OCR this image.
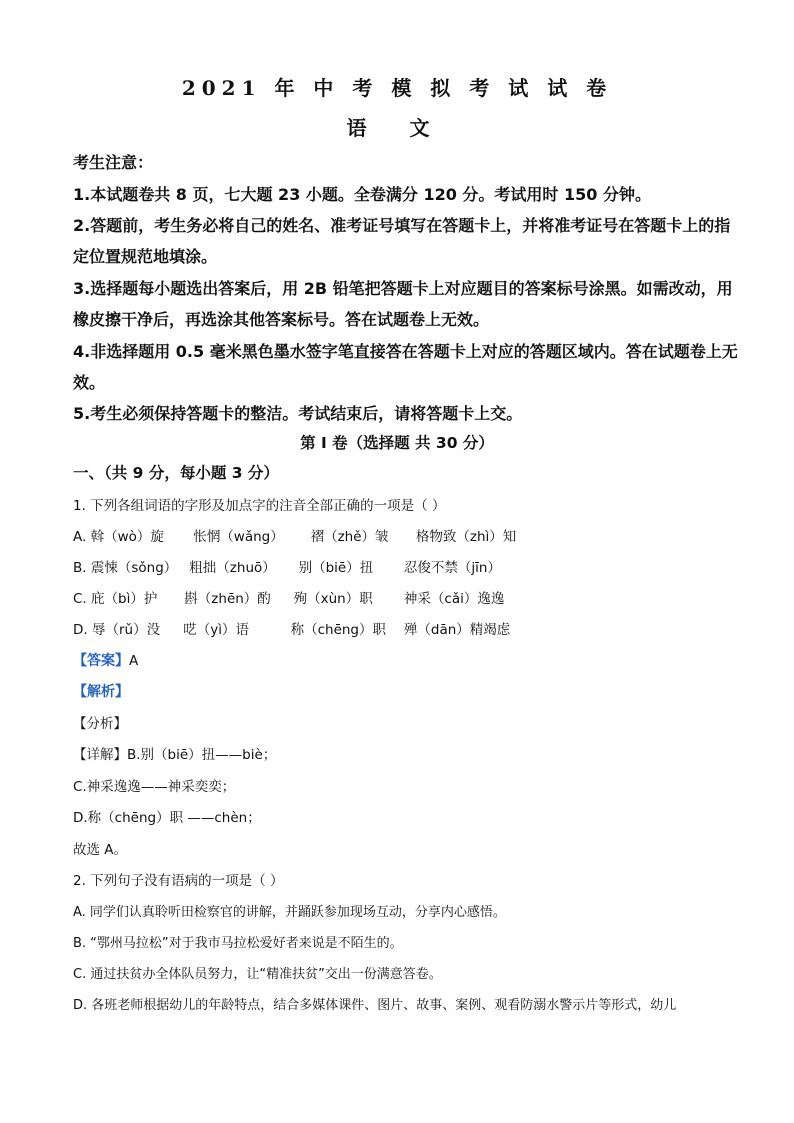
2021 年 中 考 模 拟 考 试 试 卷
语 文
考生注意：
1.本试题卷共 8 页，七大题 23 小题。全卷满分 120 分。考试用时 150 分钟。
2.答题前，考生务必将自己的姓名、准考证号填写在答题卡上，并将准考证号在答题卡上的指
定位置规范地填涂。
3.选择题每小题选出答案后，用 2B 铅笔把答题卡上对应题目的答案标号涂黑。如需改动，用
橡皮擦干净后，再选涂其他答案标号。答在试题卷上无效。
4.非选择题用 0.5 毫米黑色墨水签字笔直接答在答题卡上对应的答题区域内。答在试题卷上无
效。
5.考生必须保持答题卡的整洁。考试结束后，请将答题卡上交。
第 I 卷（选择题 共 30 分）
一、（共 9 分，每小题 3 分）
1. 下列各组词语的字形及加点字的注音全部正确的一项是（ ）
A. 斡（wò）旋 怅惘（wǎng） 褶（zhě）皱 格物致（zhì）知
B. 震悚（sǒng） 粗拙（zhuō） 别（biē）扭 忍俊不禁（jīn）
C. 庇（bì）护 斟（zhēn）酌 殉（xùn）职 神采（cǎi）逸逸
D. 辱（rǔ）没 呓（yì）语	称（chēng）职 殚（dān）精竭虑
【答案】A
【解析】
【分析】
【详解】B.别（biē）扭——biè；
C.神采逸逸——神采奕奕；
D.称（chēng）职 ——chèn；
故选 A。
2. 下列句子没有语病的一项是（ ）
A. 同学们认真聆听田检察官的讲解，并踊跃参加现场互动，分享内心感悟。
B. “鄂州马拉松”对于我市马拉松爱好者来说是不陌生的。
C. 通过扶贫办全体队员努力，让“精准扶贫”交出一份满意答卷。
D. 各班老师根据幼儿的年龄特点，结合多媒体课件、图片、故事、案例、观看防溺水警示片等形式，幼儿
